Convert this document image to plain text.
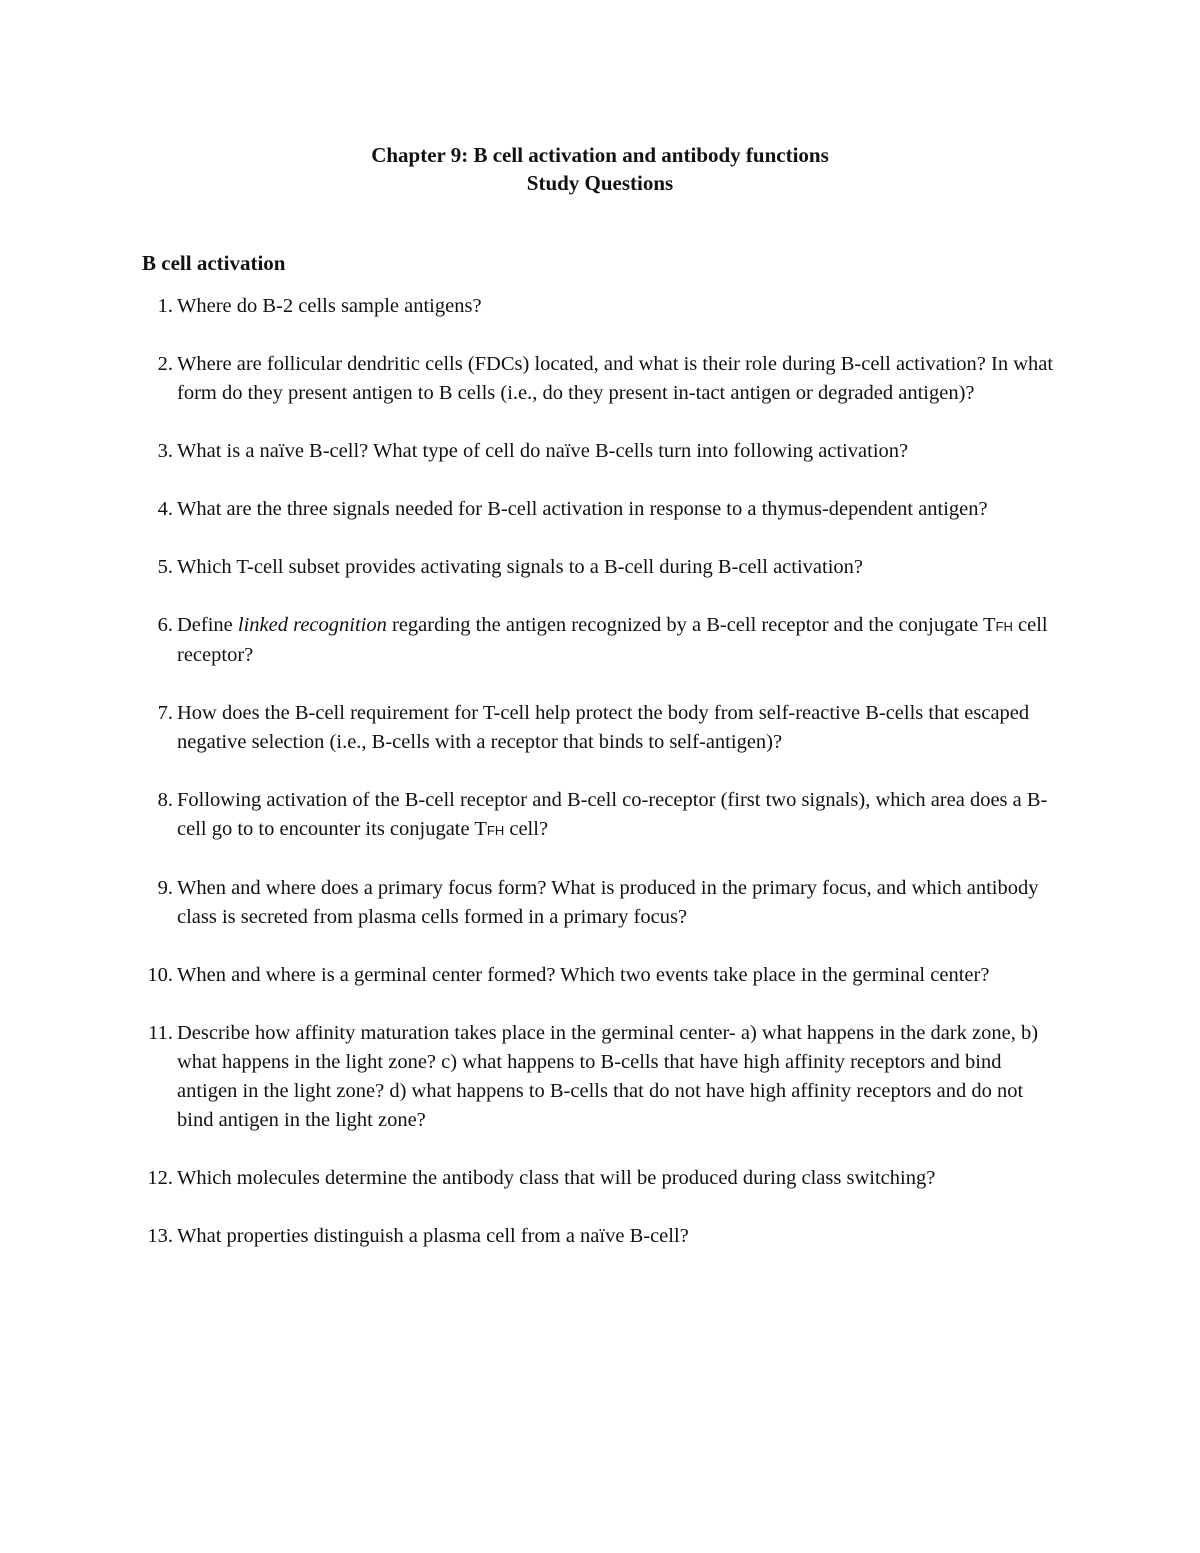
Chapter 9: B cell activation and antibody functions
Study Questions
B cell activation
1. Where do B-2 cells sample antigens?
2. Where are follicular dendritic cells (FDCs) located, and what is their role during B-cell activation? In what form do they present antigen to B cells (i.e., do they present in-tact antigen or degraded antigen)?
3. What is a naïve B-cell? What type of cell do naïve B-cells turn into following activation?
4. What are the three signals needed for B-cell activation in response to a thymus-dependent antigen?
5. Which T-cell subset provides activating signals to a B-cell during B-cell activation?
6. Define linked recognition regarding the antigen recognized by a B-cell receptor and the conjugate TFH cell receptor?
7. How does the B-cell requirement for T-cell help protect the body from self-reactive B-cells that escaped negative selection (i.e., B-cells with a receptor that binds to self-antigen)?
8. Following activation of the B-cell receptor and B-cell co-receptor (first two signals), which area does a B-cell go to to encounter its conjugate TFH cell?
9. When and where does a primary focus form? What is produced in the primary focus, and which antibody class is secreted from plasma cells formed in a primary focus?
10. When and where is a germinal center formed? Which two events take place in the germinal center?
11. Describe how affinity maturation takes place in the germinal center- a) what happens in the dark zone, b) what happens in the light zone? c) what happens to B-cells that have high affinity receptors and bind antigen in the light zone? d) what happens to B-cells that do not have high affinity receptors and do not bind antigen in the light zone?
12. Which molecules determine the antibody class that will be produced during class switching?
13. What properties distinguish a plasma cell from a naïve B-cell?
